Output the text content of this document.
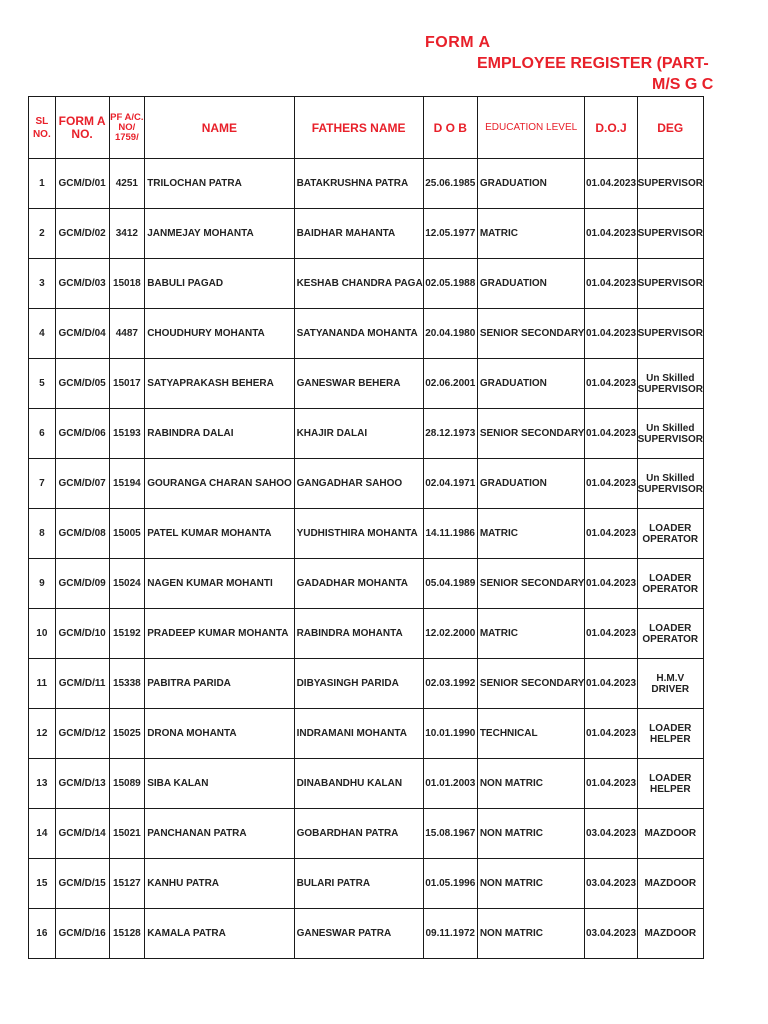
FORM A
EMPLOYEE REGISTER (PART-
M/S G C
SL NO.	FORM A NO.	PF A/C. NO/ 1759/	NAME	FATHERS NAME	D O B	EDUCATION LEVEL	D.O.J	DEG
1	GCM/D/01	4251	TRILOCHAN PATRA	BATAKRUSHNA PATRA	25.06.1985	GRADUATION	01.04.2023	SUPERVISOR
2	GCM/D/02	3412	JANMEJAY MOHANTA	BAIDHAR MAHANTA	12.05.1977	MATRIC	01.04.2023	SUPERVISOR
3	GCM/D/03	15018	BABULI PAGAD	KESHAB CHANDRA PAGA	02.05.1988	GRADUATION	01.04.2023	SUPERVISOR
4	GCM/D/04	4487	CHOUDHURY MOHANTA	SATYANANDA MOHANTA	20.04.1980	SENIOR SECONDARY	01.04.2023	SUPERVISOR
5	GCM/D/05	15017	SATYAPRAKASH BEHERA	GANESWAR BEHERA	02.06.2001	GRADUATION	01.04.2023	Un Skilled SUPERVISOR
6	GCM/D/06	15193	RABINDRA DALAI	KHAJIR DALAI	28.12.1973	SENIOR SECONDARY	01.04.2023	Un Skilled SUPERVISOR
7	GCM/D/07	15194	GOURANGA CHARAN SAHOO	GANGADHAR SAHOO	02.04.1971	GRADUATION	01.04.2023	Un Skilled SUPERVISOR
8	GCM/D/08	15005	PATEL KUMAR MOHANTA	YUDHISTHIRA MOHANTA	14.11.1986	MATRIC	01.04.2023	LOADER OPERATOR
9	GCM/D/09	15024	NAGEN KUMAR MOHANTI	GADADHAR MOHANTA	05.04.1989	SENIOR SECONDARY	01.04.2023	LOADER OPERATOR
10	GCM/D/10	15192	PRADEEP KUMAR MOHANTA	RABINDRA MOHANTA	12.02.2000	MATRIC	01.04.2023	LOADER OPERATOR
11	GCM/D/11	15338	PABITRA PARIDA	DIBYASINGH PARIDA	02.03.1992	SENIOR SECONDARY	01.04.2023	H.M.V DRIVER
12	GCM/D/12	15025	DRONA MOHANTA	INDRAMANI MOHANTA	10.01.1990	TECHNICAL	01.04.2023	LOADER HELPER
13	GCM/D/13	15089	SIBA KALAN	DINABANDHU KALAN	01.01.2003	NON MATRIC	01.04.2023	LOADER HELPER
14	GCM/D/14	15021	PANCHANAN PATRA	GOBARDHAN PATRA	15.08.1967	NON MATRIC	03.04.2023	MAZDOOR
15	GCM/D/15	15127	KANHU PATRA	BULARI PATRA	01.05.1996	NON MATRIC	03.04.2023	MAZDOOR
16	GCM/D/16	15128	KAMALA PATRA	GANESWAR PATRA	09.11.1972	NON MATRIC	03.04.2023	MAZDOOR
